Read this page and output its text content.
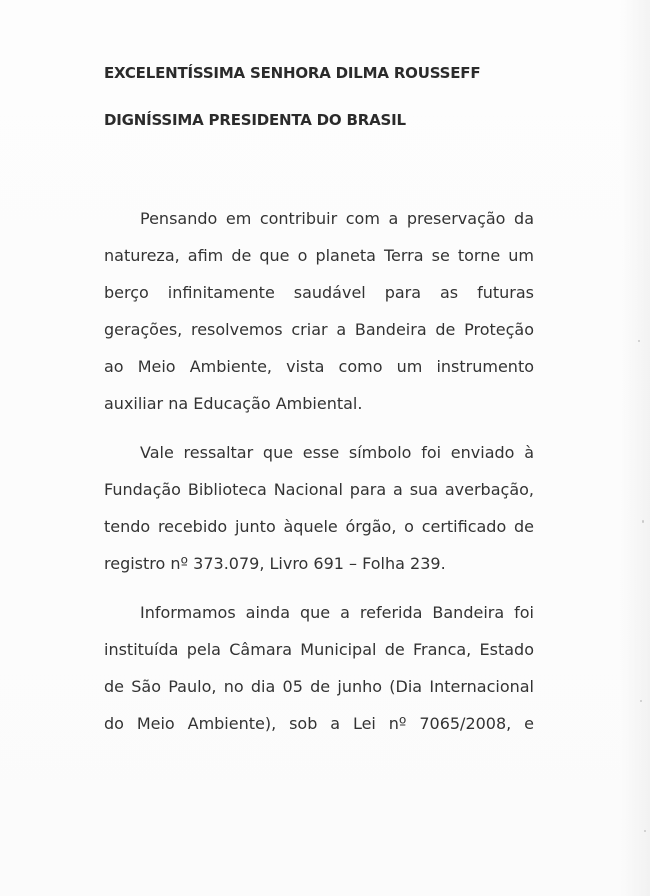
EXCELENTÍSSIMA SENHORA DILMA ROUSSEFF
DIGNÍSSIMA PRESIDENTA DO BRASIL

Pensando em contribuir com a preservação da
natureza, afim de que o planeta Terra se torne um
berço infinitamente saudável para as futuras
gerações, resolvemos criar a Bandeira de Proteção
ao Meio Ambiente, vista como um instrumento
auxiliar na Educação Ambiental.

Vale ressaltar que esse símbolo foi enviado à
Fundação Biblioteca Nacional para a sua averbação,
tendo recebido junto àquele órgão, o certificado de
registro nº 373.079, Livro 691 – Folha 239.

Informamos ainda que a referida Bandeira foi
instituída pela Câmara Municipal de Franca, Estado
de São Paulo, no dia 05 de junho (Dia Internacional
do Meio Ambiente), sob a Lei nº 7065/2008, e
